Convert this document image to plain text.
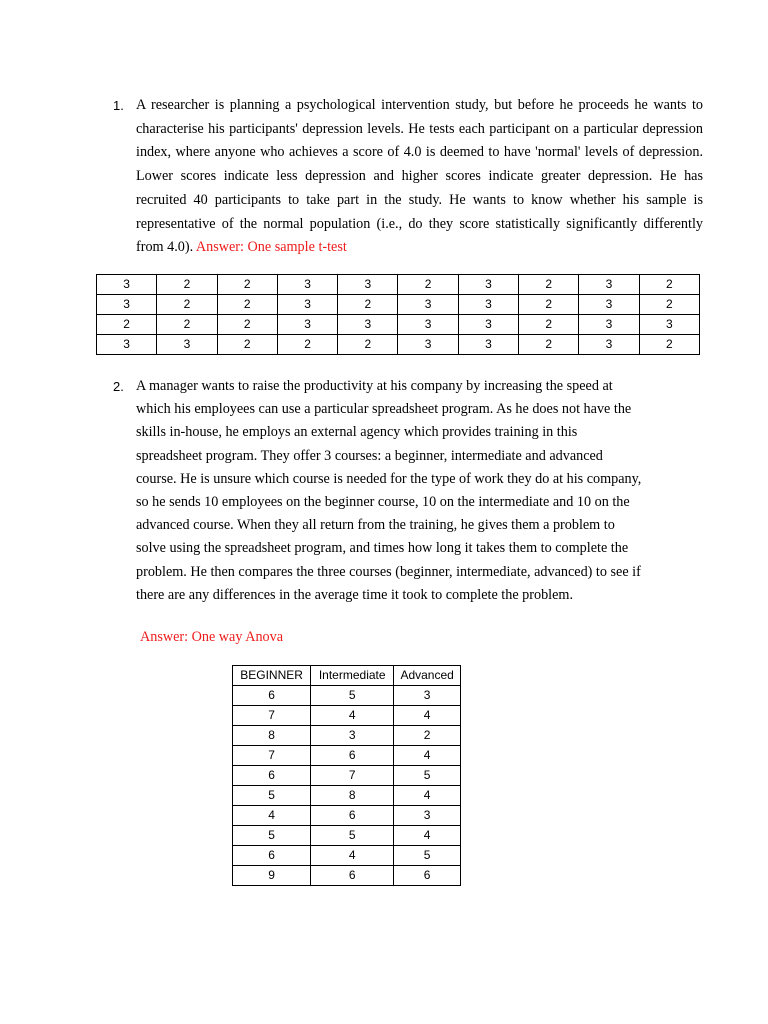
1. A researcher is planning a psychological intervention study, but before he proceeds he wants to characterise his participants' depression levels. He tests each participant on a particular depression index, where anyone who achieves a score of 4.0 is deemed to have 'normal' levels of depression. Lower scores indicate less depression and higher scores indicate greater depression. He has recruited 40 participants to take part in the study. He wants to know whether his sample is representative of the normal population (i.e., do they score statistically significantly differently from 4.0). Answer: One sample t-test
3	2	2	3	3	2	3	2	3	2
3	2	2	3	2	3	3	2	3	2
2	2	2	3	3	3	3	2	3	3
3	3	2	2	2	3	3	2	3	2
2. A manager wants to raise the productivity at his company by increasing the speed at
which his employees can use a particular spreadsheet program. As he does not have the
skills in-house, he employs an external agency which provides training in this
spreadsheet program. They offer 3 courses: a beginner, intermediate and advanced
course. He is unsure which course is needed for the type of work they do at his company,
so he sends 10 employees on the beginner course, 10 on the intermediate and 10 on the
advanced course. When they all return from the training, he gives them a problem to
solve using the spreadsheet program, and times how long it takes them to complete the
problem. He then compares the three courses (beginner, intermediate, advanced) to see if
there are any differences in the average time it took to complete the problem.
Answer: One way Anova
BEGINNER	Intermediate	Advanced
6	5	3
7	4	4
8	3	2
7	6	4
6	7	5
5	8	4
4	6	3
5	5	4
6	4	5
9	6	6
